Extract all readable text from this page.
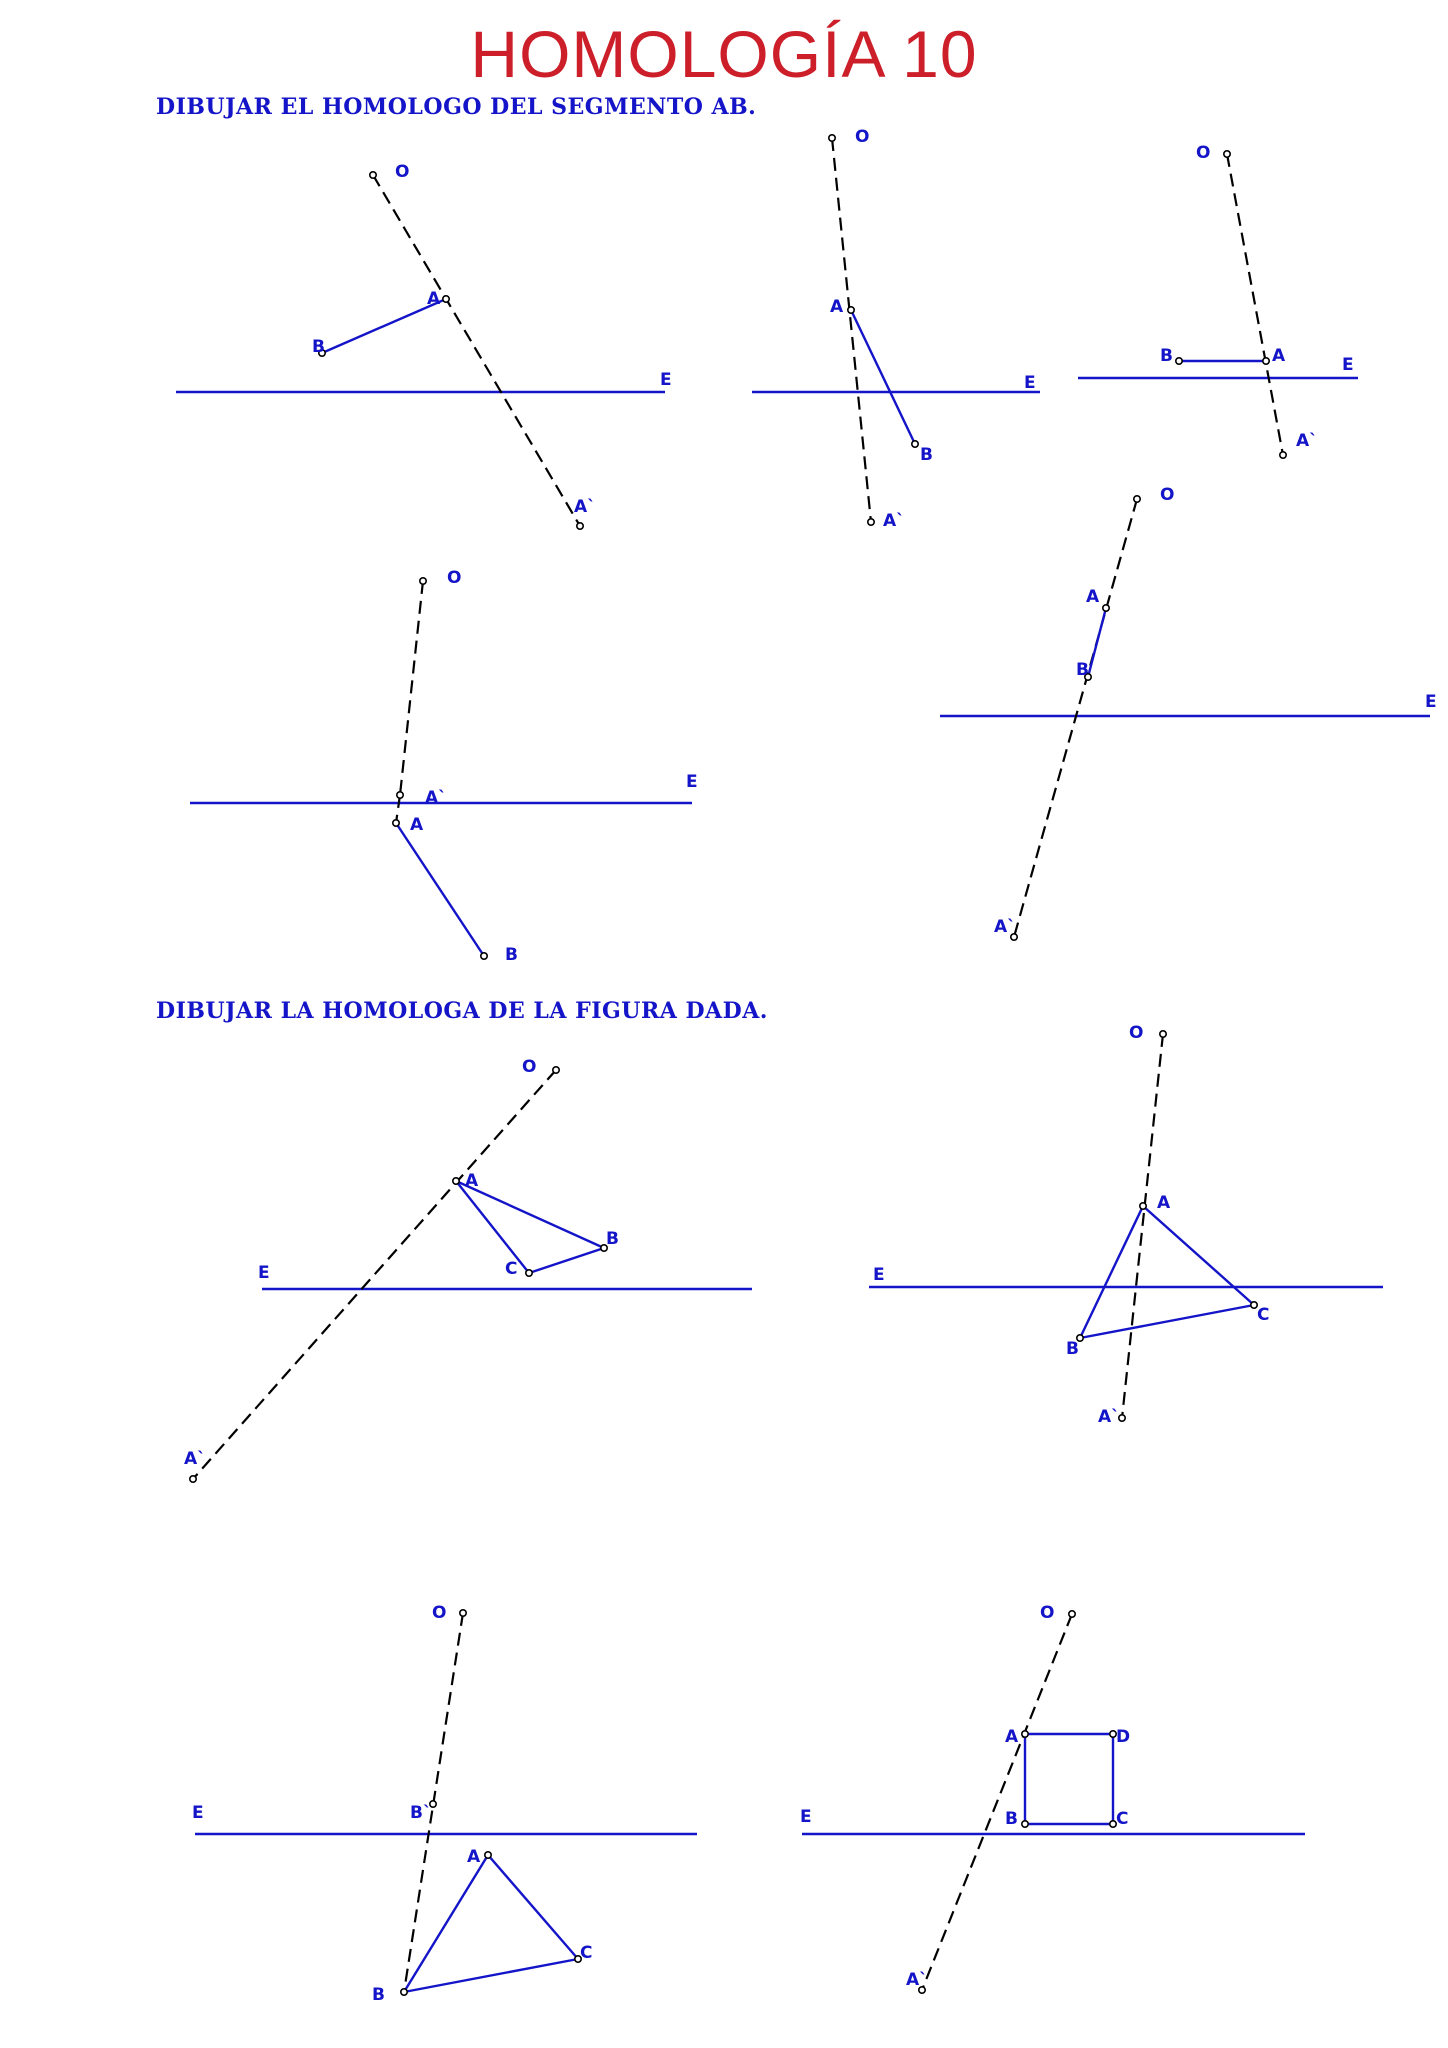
HOMOLOGÍA 10
DIBUJAR EL HOMOLOGO DEL SEGMENTO AB.
DIBUJAR LA HOMOLOGA DE LA FIGURA DADA.
O
A
B
E
A`
O
A
B
E
A`
O
A
B	E
A`
O
A`
A
B
E
O
A
B
E
A`
O
A
B
C
E
A`
O
A
C
B
E
A`
O
B`
A
C
B
E
O
A	D
C
B
E
A`
